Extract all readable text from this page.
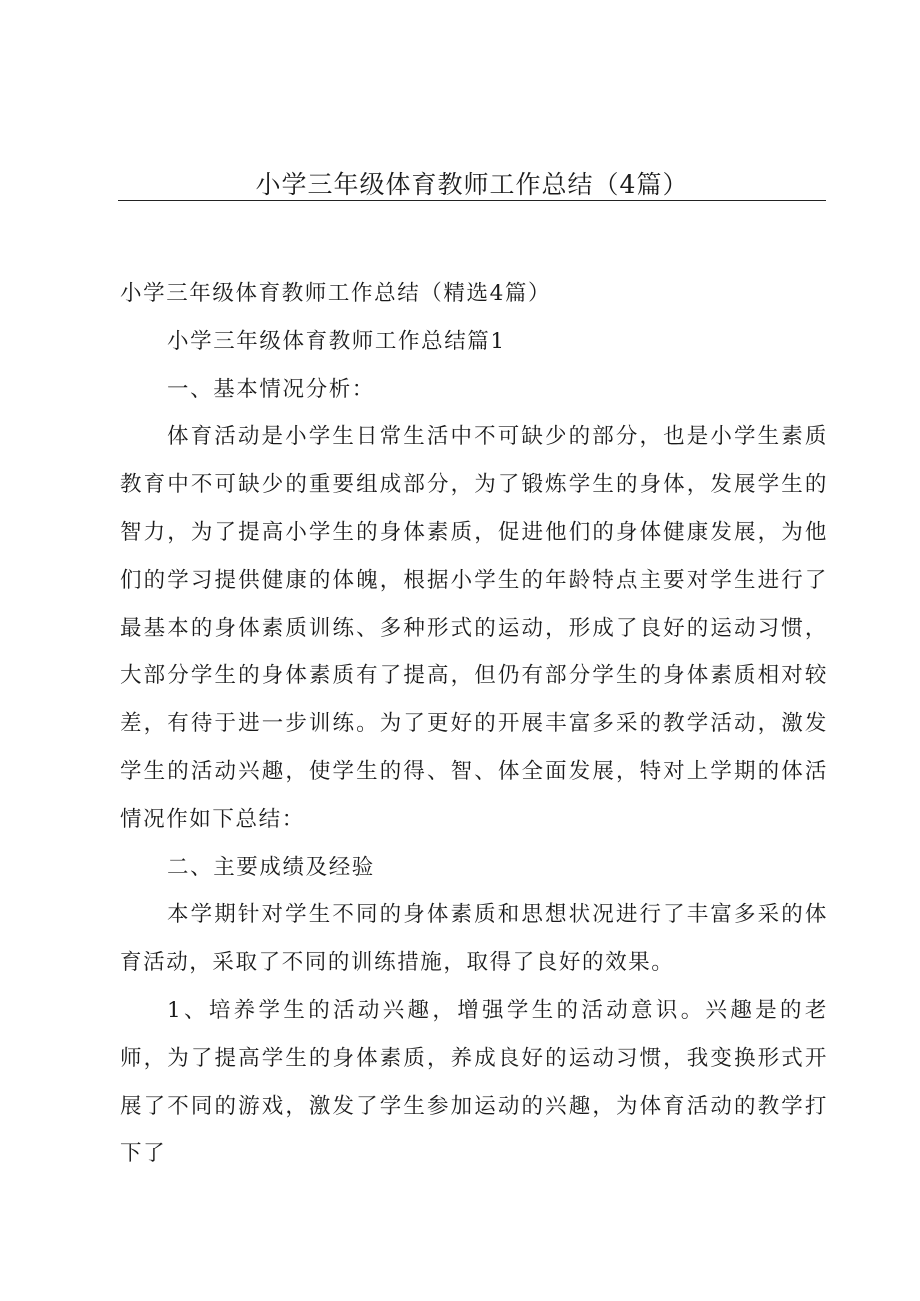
小学三年级体育教师工作总结（4篇）

小学三年级体育教师工作总结（精选4篇）

小学三年级体育教师工作总结篇1

一、基本情况分析：

体育活动是小学生日常生活中不可缺少的部分，也是小学生素质教育中不可缺少的重要组成部分，为了锻炼学生的身体，发展学生的智力，为了提高小学生的身体素质，促进他们的身体健康发展，为他们的学习提供健康的体魄，根据小学生的年龄特点主要对学生进行了最基本的身体素质训练、多种形式的运动，形成了良好的运动习惯，大部分学生的身体素质有了提高，但仍有部分学生的身体素质相对较差，有待于进一步训练。为了更好的开展丰富多采的教学活动，激发学生的活动兴趣，使学生的得、智、体全面发展，特对上学期的体活情况作如下总结：

二、主要成绩及经验

本学期针对学生不同的身体素质和思想状况进行了丰富多采的体育活动，采取了不同的训练措施，取得了良好的效果。

1、培养学生的活动兴趣，增强学生的活动意识。兴趣是的老师，为了提高学生的身体素质，养成良好的运动习惯，我变换形式开展了不同的游戏，激发了学生参加运动的兴趣，为体育活动的教学打下了
